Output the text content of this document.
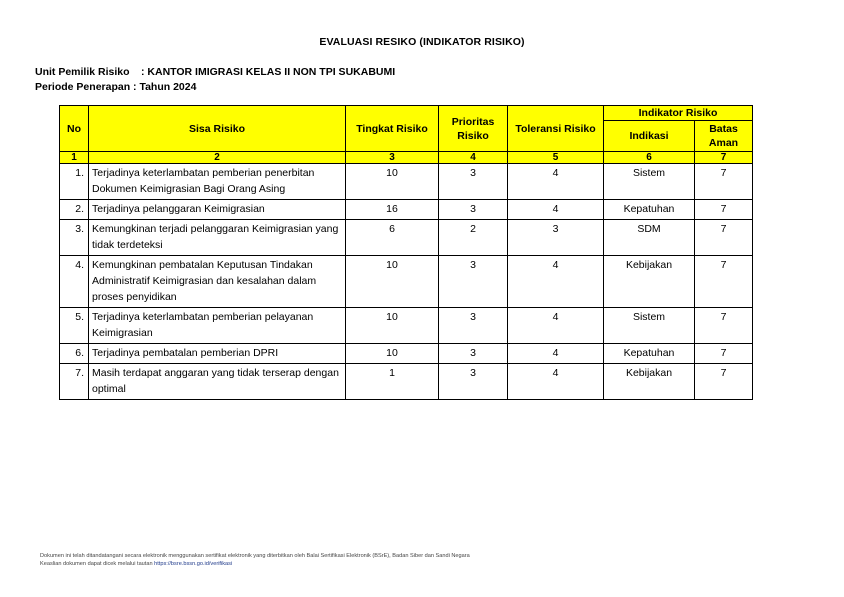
EVALUASI RESIKO (INDIKATOR RISIKO)
Unit Pemilik Risiko : KANTOR IMIGRASI KELAS II NON TPI SUKABUMI
Periode Penerapan : Tahun 2024
No	Sisa Risiko	Tingkat Risiko	Prioritas Risiko	Toleransi Risiko	Indikator Risiko	
					Indikasi	Batas Aman
1	2	3	4	5	6	7
1.	Terjadinya keterlambatan pemberian penerbitan Dokumen Keimigrasian Bagi Orang Asing	10	3	4	Sistem	7
2.	Terjadinya pelanggaran Keimigrasian	16	3	4	Kepatuhan	7
3.	Kemungkinan terjadi pelanggaran Keimigrasian yang tidak terdeteksi	6	2	3	SDM	7
4.	Kemungkinan pembatalan Keputusan Tindakan Administratif Keimigrasian dan kesalahan dalam proses penyidikan	10	3	4	Kebijakan	7
5.	Terjadinya keterlambatan pemberian pelayanan Keimigrasian	10	3	4	Sistem	7
6.	Terjadinya pembatalan pemberian DPRI	10	3	4	Kepatuhan	7
7.	Masih terdapat anggaran yang tidak terserap dengan optimal	1	3	4	Kebijakan	7
Dokumen ini telah ditandatangani secara elektronik menggunakan sertifikat elektronik yang diterbitkan oleh Balai Sertifikasi Elektronik (BSrE), Badan Siber dan Sandi Negara
Keaslian dokumen dapat dicek melalui tautan https://bsre.bssn.go.id/verifikasi
